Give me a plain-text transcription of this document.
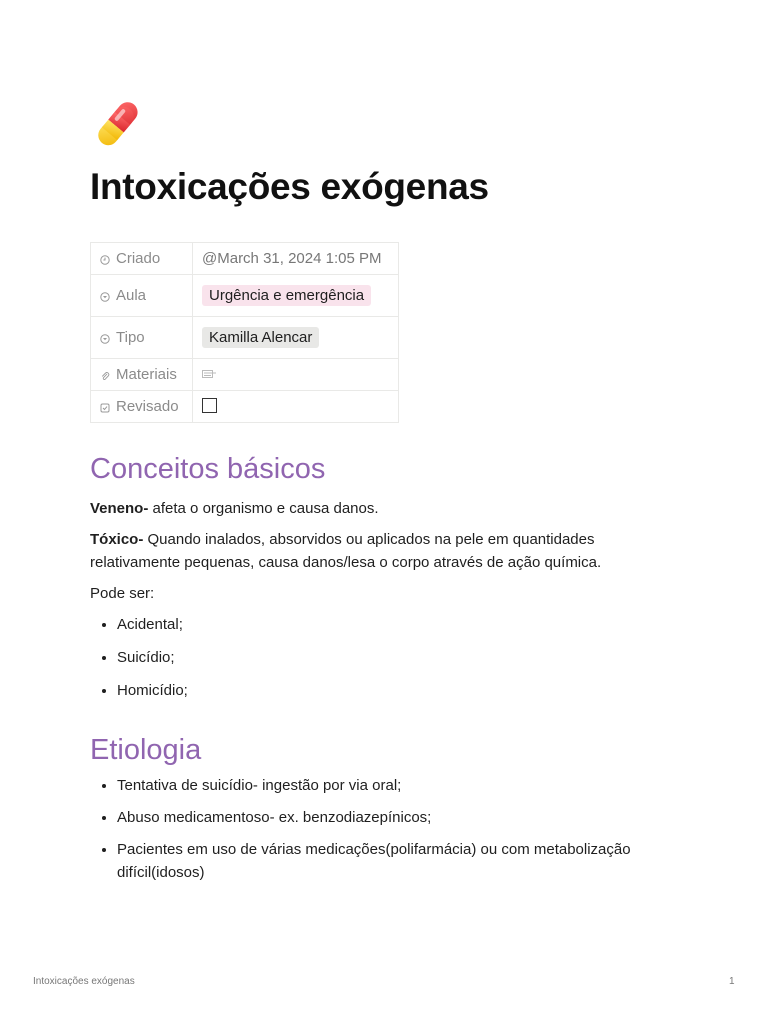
Intoxicações exógenas
Criado	@March 31, 2024 1:05 PM
Aula	Urgência e emergência
Tipo	Kamilla Alencar
Materiais	
Revisado	
Conceitos básicos

Veneno- afeta o organismo e causa danos.

Tóxico- Quando inalados, absorvidos ou aplicados na pele em quantidades relativamente pequenas, causa danos/lesa o corpo através de ação química.

Pode ser:

• Acidental;
• Suicídio;
• Homicídio;
Etiologia
• Tentativa de suicídio- ingestão por via oral;
• Abuso medicamentoso- ex. benzodiazepínicos;
• Pacientes em uso de várias medicações(polifarmácia) ou com metabolização difícil(idosos)
Intoxicações exógenas	1
